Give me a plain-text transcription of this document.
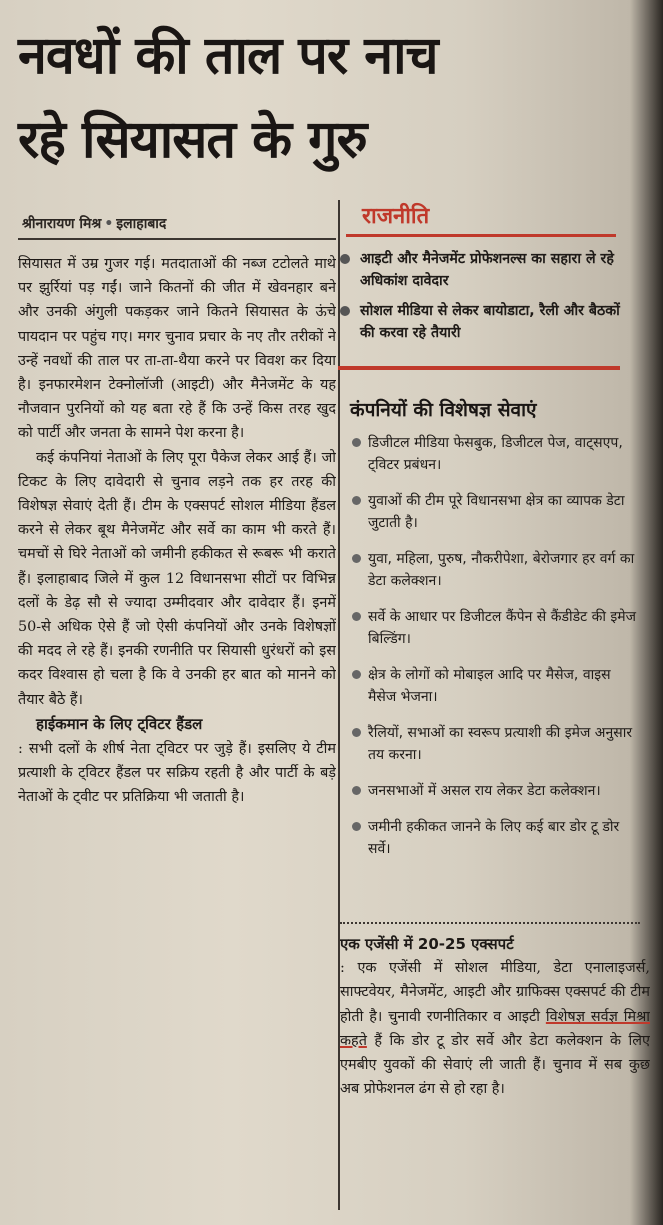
नवधों की ताल पर नाच
रहे सियासत के गुरु
श्रीनारायण मिश्र • इलाहाबाद

सियासत में उम्र गुजर गई। मतदाताओं की नब्ज टटोलते माथे पर झुर्रियां पड़ गईं। जाने कितनों की जीत में खेवनहार बने और उनकी अंगुली पकड़कर जाने कितने सियासत के ऊंचे पायदान पर पहुंच गए। मगर चुनाव प्रचार के नए तौर तरीकों ने उन्हें नवधों की ताल पर ता-ता-थैया करने पर विवश कर दिया है। इनफारमेशन टेक्नोलॉजी (आइटी) और मैनेजमेंट के यह नौजवान पुरनियों को यह बता रहे हैं कि उन्हें किस तरह खुद को पार्टी और जनता के सामने पेश करना है।

कई कंपनियां नेताओं के लिए पूरा पैकेज लेकर आई हैं। जो टिकट के लिए दावेदारी से चुनाव लड़ने तक हर तरह की विशेषज्ञ सेवाएं देती हैं। टीम के एक्सपर्ट सोशल मीडिया हैंडल करने से लेकर बूथ मैनेजमेंट और सर्वे का काम भी करते हैं। चमचों से घिरे नेताओं को जमीनी हकीकत से रूबरू भी कराते हैं। इलाहाबाद जिले में कुल 12 विधानसभा सीटों पर विभिन्न दलों के डेढ़ सौ से ज्यादा उम्मीदवार और दावेदार हैं। इनमें 50-से अधिक ऐसे हैं जो ऐसी कंपनियों और उनके विशेषज्ञों की मदद ले रहे हैं। इनकी रणनीति पर सियासी धुरंधरों को इस कदर विश्वास हो चला है कि वे उनकी हर बात को मानने को तैयार बैठे हैं।

हाईकमान के लिए ट्विटर हैंडल
: सभी दलों के शीर्ष नेता ट्विटर पर जुड़े हैं। इसलिए ये टीम प्रत्याशी के ट्विटर हैंडल पर सक्रिय रहती है और पार्टी के बड़े नेताओं के ट्वीट पर प्रतिक्रिया भी जताती है।

राजनीति
आइटी और मैनेजमेंट प्रोफेशनल्स का सहारा ले रहे अधिकांश दावेदार
सोशल मीडिया से लेकर बायोडाटा, रैली और बैठकों की करवा रहे तैयारी
कंपनियों की विशेषज्ञ सेवाएं
डिजीटल मीडिया फेसबुक, डिजीटल पेज, वाट्सएप, ट्विटर प्रबंधन।
युवाओं की टीम पूरे विधानसभा क्षेत्र का व्यापक डेटा जुटाती है।
युवा, महिला, पुरुष, नौकरीपेशा, बेरोजगार हर वर्ग का डेटा कलेक्शन।
सर्वे के आधार पर डिजीटल कैंपेन से कैंडीडेट की इमेज बिल्डिंग।
क्षेत्र के लोगों को मोबाइल आदि पर मैसेज, वाइस मैसेज भेजना।
रैलियों, सभाओं का स्वरूप प्रत्याशी की इमेज अनुसार तय करना।
जनसभाओं में असल राय लेकर डेटा कलेक्शन।
जमीनी हकीकत जानने के लिए कई बार डोर टू डोर सर्वे।
एक एजेंसी में 20-25 एक्सपर्ट
: एक एजेंसी में सोशल मीडिया, डेटा एनालाइजर्स, साफ्टवेयर, मैनेजमेंट, आइटी और ग्राफिक्स एक्सपर्ट की टीम होती है। चुनावी रणनीतिकार व आइटी विशेषज्ञ सर्वज्ञ मिश्रा कहते हैं कि डोर टू डोर सर्वे और डेटा कलेक्शन के लिए एमबीए युवकों की सेवाएं ली जाती हैं। चुनाव में सब कुछ अब प्रोफेशनल ढंग से हो रहा है।
